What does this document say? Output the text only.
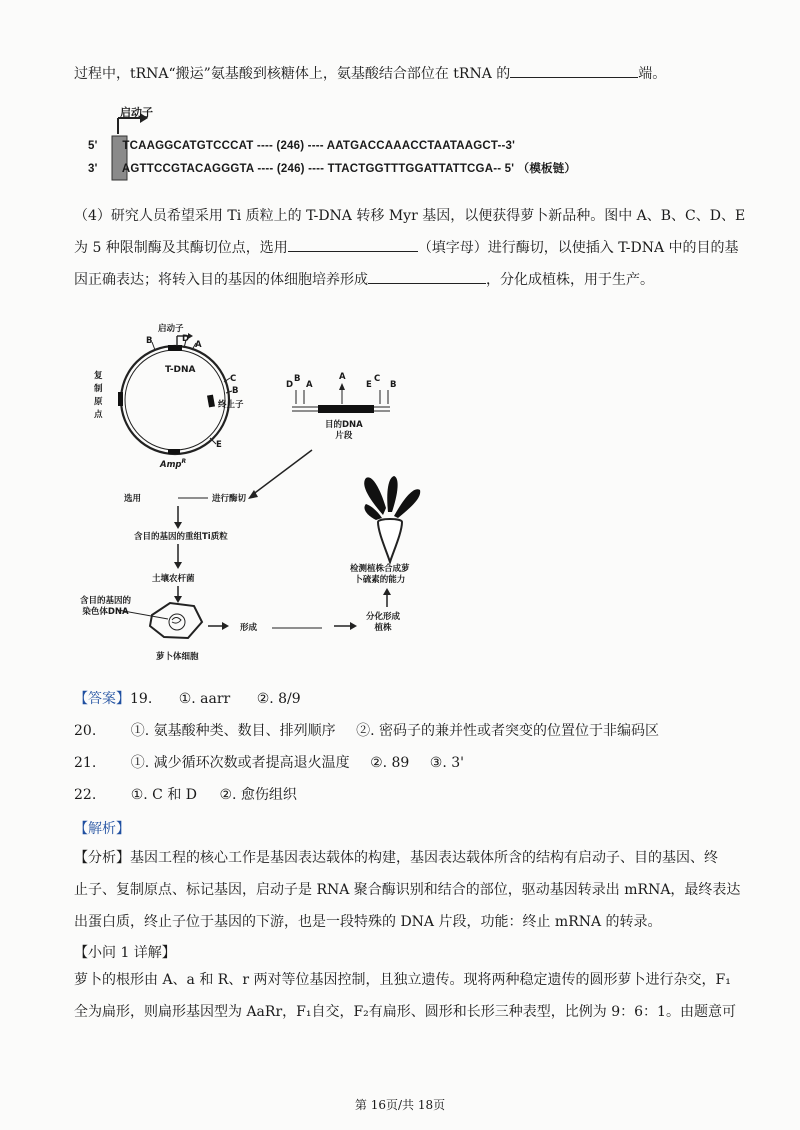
过程中，tRNA“搬运”氨基酸到核糖体上，氨基酸结合部位在 tRNA 的	端。
启动子
5' TCAAGGCATGTCCCAT ---- (246) ---- AATGACCAAACCTAATAAGCT--3'
3' AGTTCCGTACAGGGTA ---- (246) ---- TTACTGGTTTGGATTATTCGA-- 5' （模板链）
（4）研究人员希望采用 Ti 质粒上的 T-DNA 转移 Myr 基因，以便获得萝卜新品种。图中 A、B、C、D、E
为 5 种限制酶及其酶切位点，选用	（填字母）进行酶切，以使插入 T-DNA 中的目的基
因正确表达；将转入目的基因的体细胞培养形成	，分化成植株，用于生产。
启动子
B	D
A
T-DNA
C
B
终止子
E
复
制
原
点
Amp$^R$
D
B
A
A
E
C
B
目的DNA
片段
选用	进行酶切
含目的基因的重组Ti质粒
土壤农杆菌
含目的基因的
染色体DNA
形成
分化形成
植株
检测植株合成萝
卜硫素的能力
萝卜体细胞
【答案】19. ①. aarr ②. 8/9
20. ①. 氨基酸种类、数目、排列顺序 ②. 密码子的兼并性或者突变的位置位于非编码区
21. ①. 减少循环次数或者提高退火温度 ②. 89 ③. 3'
22. ①. C 和 D ②. 愈伤组织
【解析】
【分析】基因工程的核心工作是基因表达载体的构建，基因表达载体所含的结构有启动子、目的基因、终
止子、复制原点、标记基因，启动子是 RNA 聚合酶识别和结合的部位，驱动基因转录出 mRNA，最终表达
出蛋白质，终止子位于基因的下游，也是一段特殊的 DNA 片段，功能：终止 mRNA 的转录。
【小问 1 详解】
萝卜的根形由 A、a 和 R、r 两对等位基因控制，且独立遗传。现将两种稳定遗传的圆形萝卜进行杂交，F₁
全为扁形，则扁形基因型为 AaRr，F₁自交，F₂有扁形、圆形和长形三种表型，比例为 9：6：1。由题意可
第 16页/共 18页
